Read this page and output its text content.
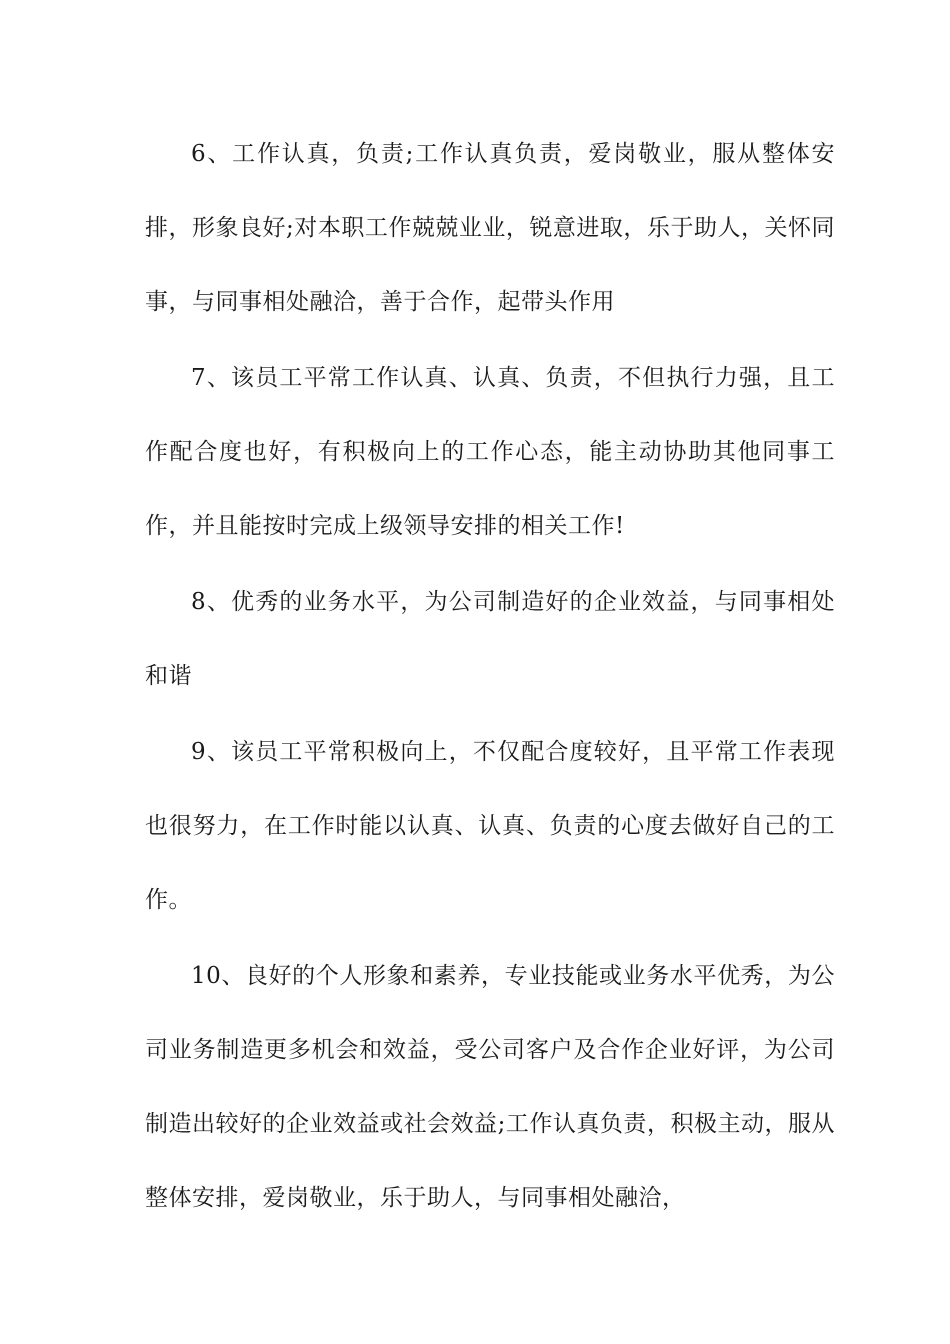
6、工作认真，负责;工作认真负责，爱岗敬业，服从整体安排，形象良好;对本职工作兢兢业业，锐意进取，乐于助人，关怀同事，与同事相处融洽，善于合作，起带头作用

7、该员工平常工作认真、认真、负责，不但执行力强，且工作配合度也好，有积极向上的工作心态，能主动协助其他同事工作，并且能按时完成上级领导安排的相关工作!

8、优秀的业务水平，为公司制造好的企业效益，与同事相处和谐

9、该员工平常积极向上，不仅配合度较好，且平常工作表现也很努力，在工作时能以认真、认真、负责的心度去做好自己的工作。

10、良好的个人形象和素养，专业技能或业务水平优秀，为公司业务制造更多机会和效益，受公司客户及合作企业好评，为公司制造出较好的企业效益或社会效益;工作认真负责，积极主动，服从整体安排，爱岗敬业，乐于助人，与同事相处融洽，
